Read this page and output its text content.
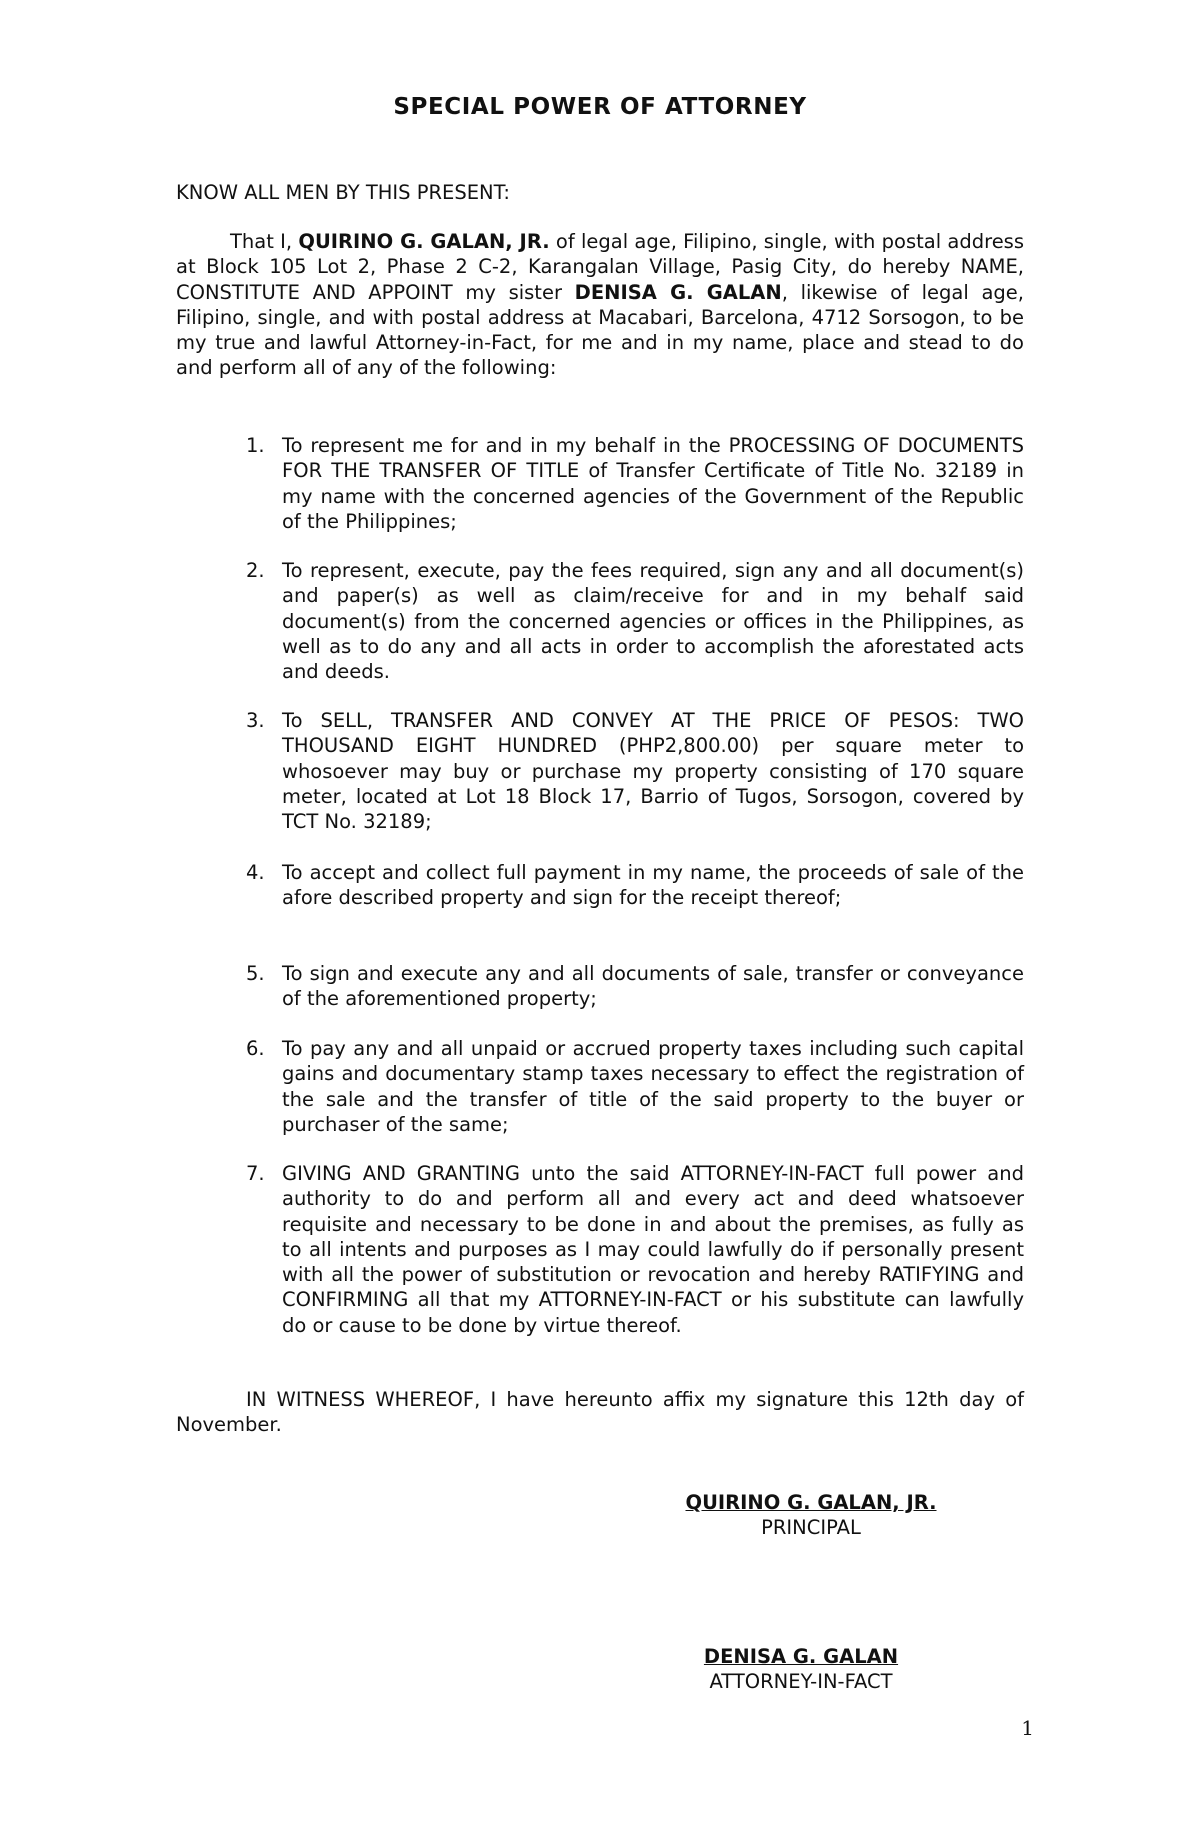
SPECIAL POWER OF ATTORNEY

KNOW ALL MEN BY THIS PRESENT:

That I, QUIRINO G. GALAN, JR. of legal age, Filipino, single, with postal address at Block 105 Lot 2, Phase 2 C-2, Karangalan Village, Pasig City, do hereby NAME, CONSTITUTE AND APPOINT my sister DENISA G. GALAN, likewise of legal age, Filipino, single, and with postal address at Macabari, Barcelona, 4712 Sorsogon, to be my true and lawful Attorney-in-Fact, for me and in my name, place and stead to do and perform all of any of the following:

1. To represent me for and in my behalf in the PROCESSING OF DOCUMENTS FOR THE TRANSFER OF TITLE of Transfer Certificate of Title No. 32189 in my name with the concerned agencies of the Government of the Republic of the Philippines;
2. To represent, execute, pay the fees required, sign any and all document(s) and paper(s) as well as claim/receive for and in my behalf said document(s) from the concerned agencies or offices in the Philippines, as well as to do any and all acts in order to accomplish the aforestated acts and deeds.
3. To SELL, TRANSFER AND CONVEY AT THE PRICE OF PESOS: TWO THOUSAND EIGHT HUNDRED (PHP2,800.00) per square meter to whosoever may buy or purchase my property consisting of 170 square meter, located at Lot 18 Block 17, Barrio of Tugos, Sorsogon, covered by TCT No. 32189;
4. To accept and collect full payment in my name, the proceeds of sale of the afore described property and sign for the receipt thereof;
5. To sign and execute any and all documents of sale, transfer or conveyance of the aforementioned property;
6. To pay any and all unpaid or accrued property taxes including such capital gains and documentary stamp taxes necessary to effect the registration of the sale and the transfer of title of the said property to the buyer or purchaser of the same;
7. GIVING AND GRANTING unto the said ATTORNEY-IN-FACT full power and authority to do and perform all and every act and deed whatsoever requisite and necessary to be done in and about the premises, as fully as to all intents and purposes as I may could lawfully do if personally present with all the power of substitution or revocation and hereby RATIFYING and CONFIRMING all that my ATTORNEY-IN-FACT or his substitute can lawfully do or cause to be done by virtue thereof.

IN WITNESS WHEREOF, I have hereunto affix my signature this 12th day of November.

QUIRINO G. GALAN, JR.
PRINCIPAL
DENISA G. GALAN
ATTORNEY-IN-FACT
1
